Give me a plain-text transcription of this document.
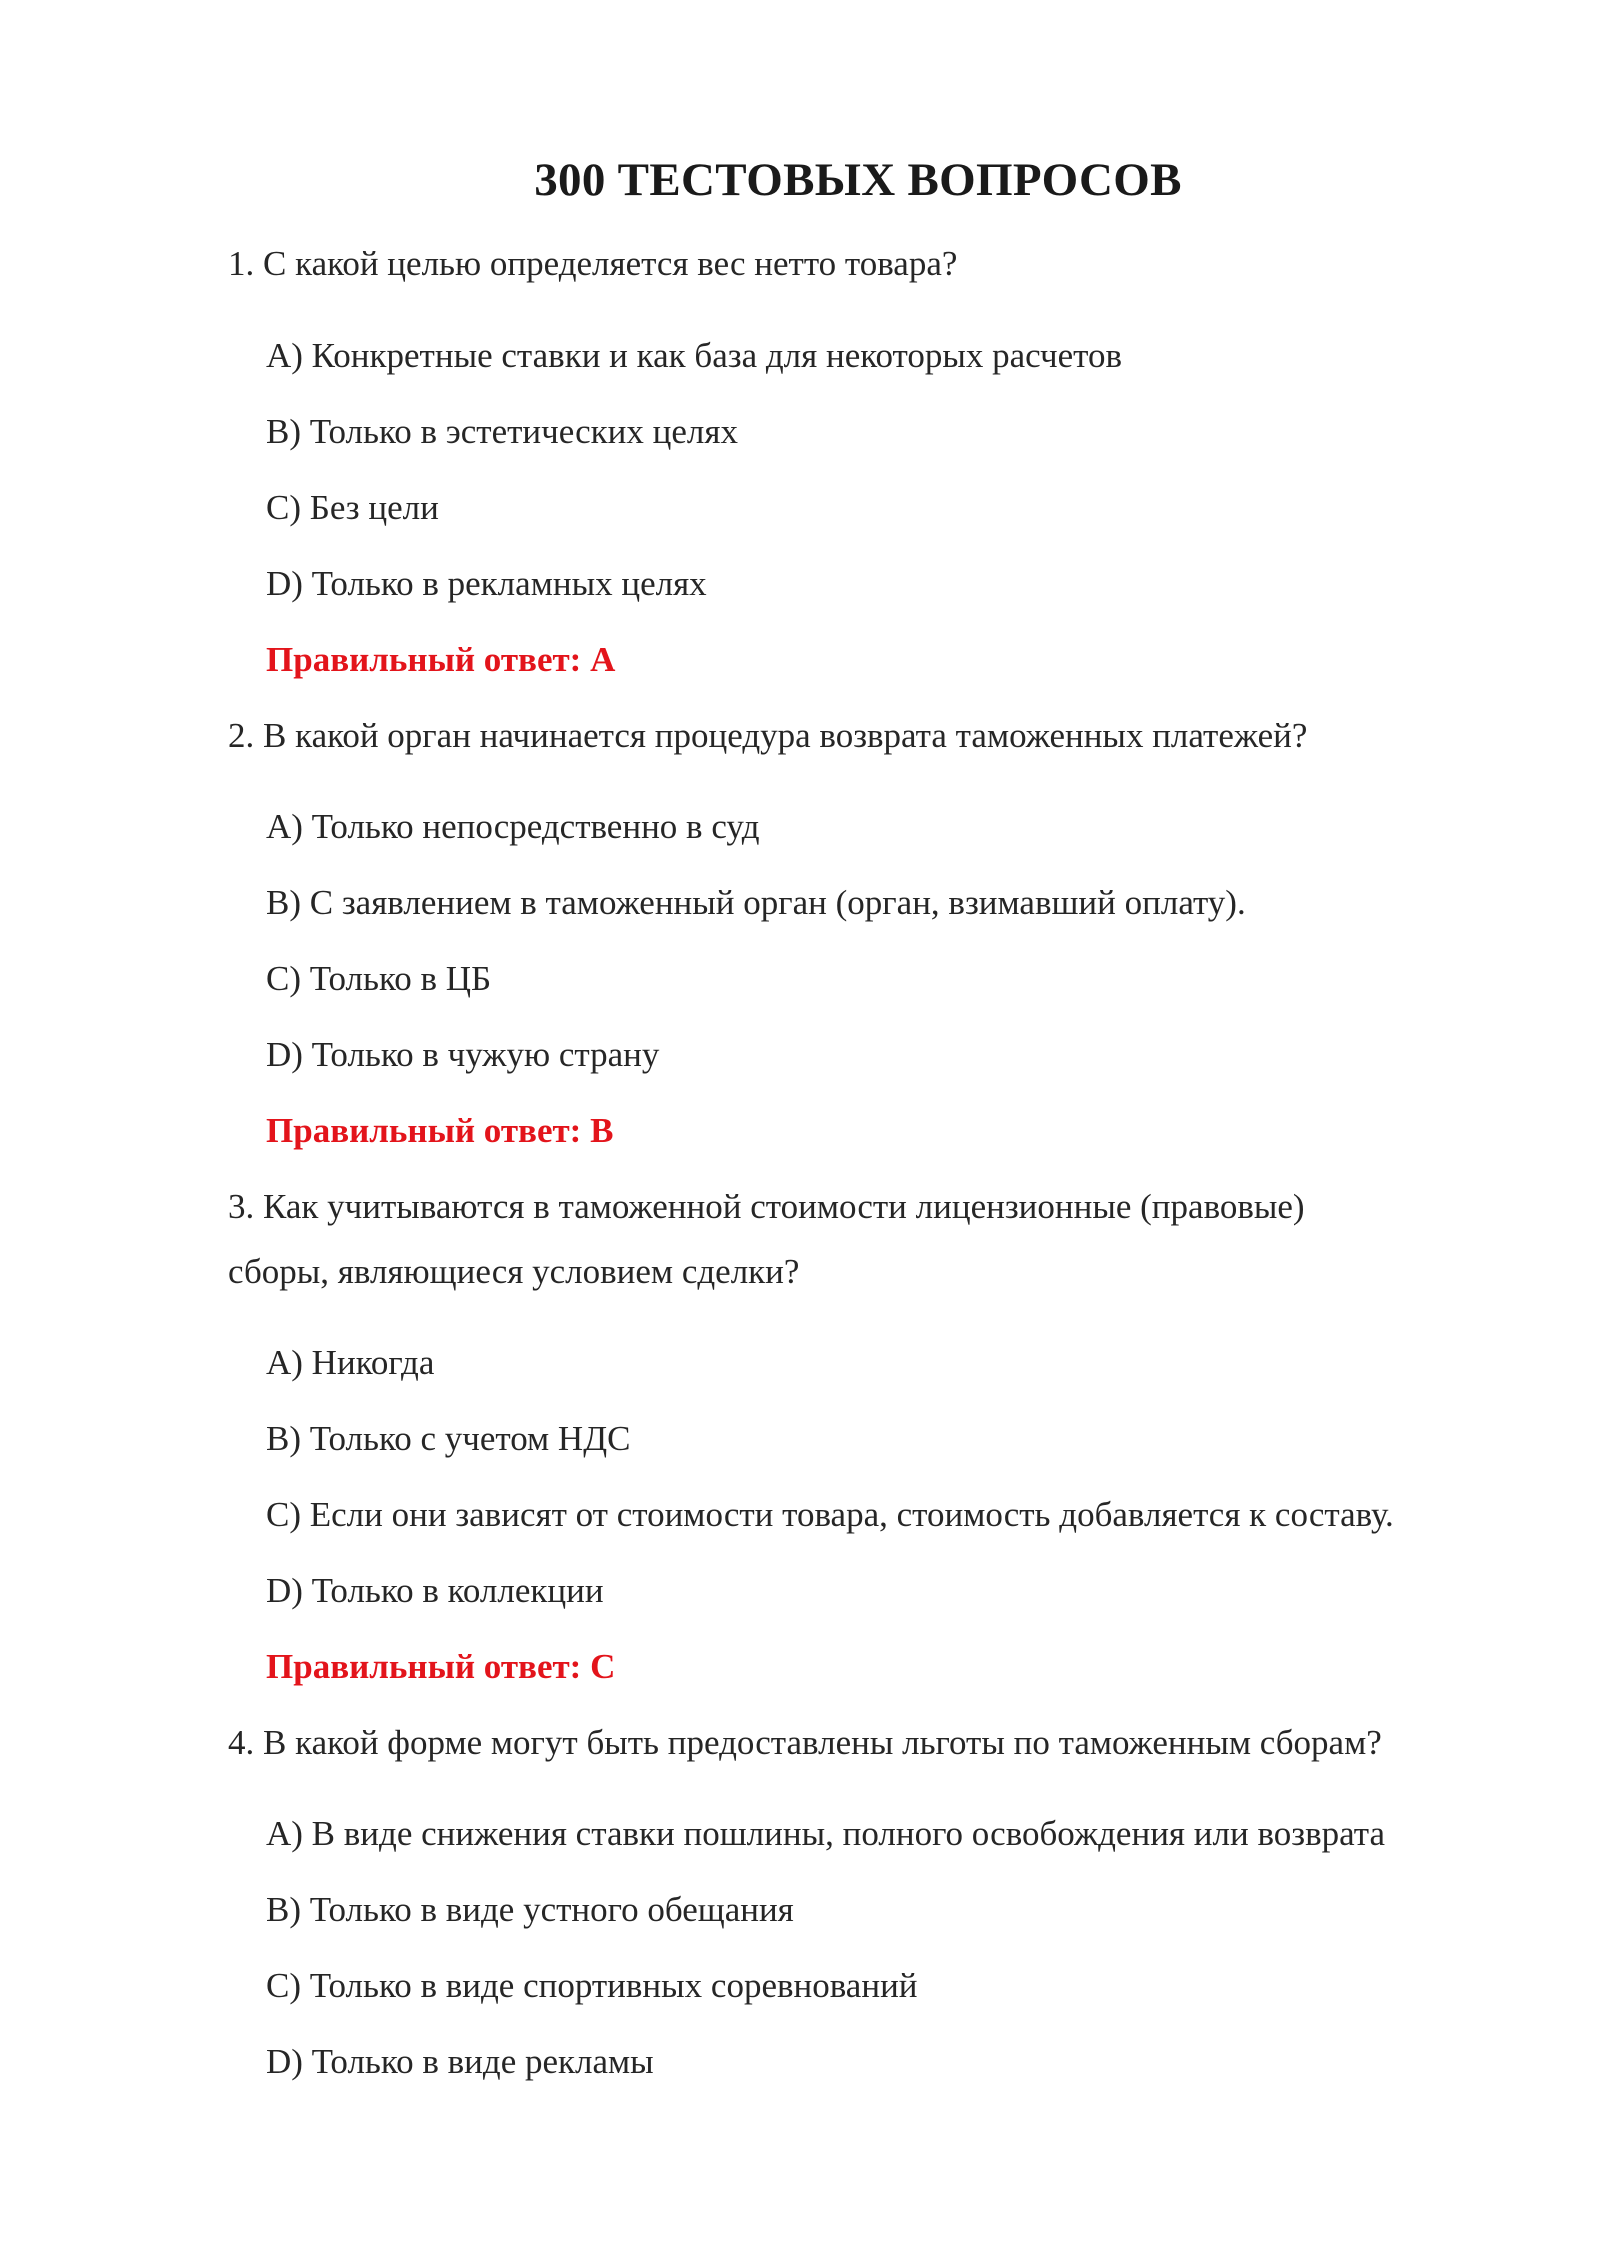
300 ТЕСТОВЫХ ВОПРОСОВ
1. С какой целью определяется вес нетто товара?
A) Конкретные ставки и как база для некоторых расчетов
B) Только в эстетических целях
C) Без цели
D) Только в рекламных целях
Правильный ответ: A
2. В какой орган начинается процедура возврата таможенных платежей?
A) Только непосредственно в суд
B) С заявлением в таможенный орган (орган, взимавший оплату).
C) Только в ЦБ
D) Только в чужую страну
Правильный ответ: B
3. Как учитываются в таможенной стоимости лицензионные (правовые)
сборы, являющиеся условием сделки?
A) Никогда
B) Только с учетом НДС
C) Если они зависят от стоимости товара, стоимость добавляется к составу.
D) Только в коллекции
Правильный ответ: C
4. В какой форме могут быть предоставлены льготы по таможенным сборам?
A) В виде снижения ставки пошлины, полного освобождения или возврата
B) Только в виде устного обещания
C) Только в виде спортивных соревнований
D) Только в виде рекламы
